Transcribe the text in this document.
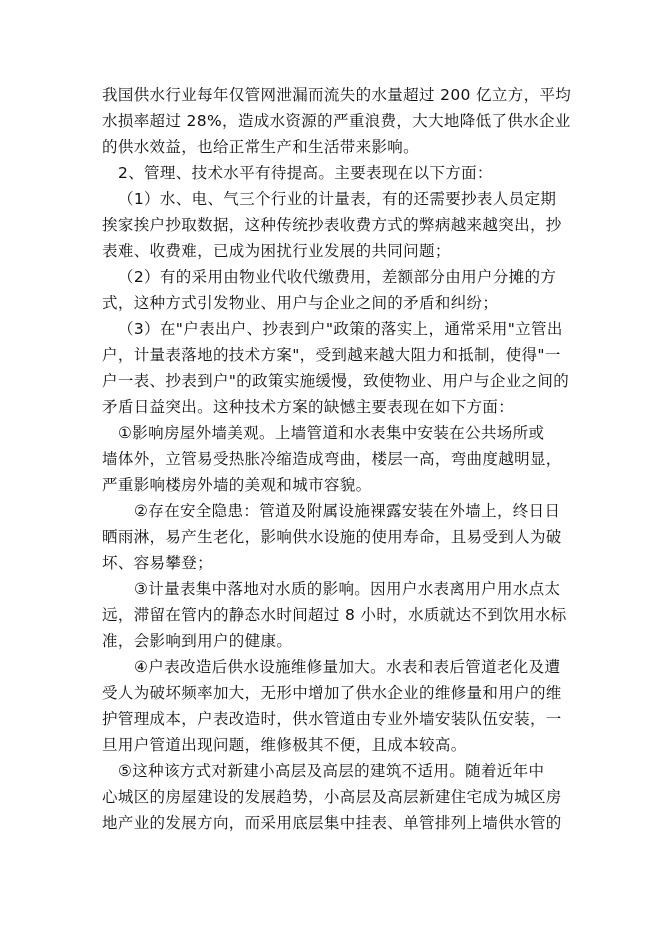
我国供水行业每年仅管网泄漏而流失的水量超过 200 亿立方，平均
水损率超过 28%，造成水资源的严重浪费，大大地降低了供水企业
的供水效益，也给正常生产和生活带来影响。
2、管理、技术水平有待提高。主要表现在以下方面：
（1）水、电、气三个行业的计量表，有的还需要抄表人员定期
挨家挨户抄取数据，这种传统抄表收费方式的弊病越来越突出，抄
表难、收费难，已成为困扰行业发展的共同问题；
（2）有的采用由物业代收代缴费用，差额部分由用户分摊的方
式，这种方式引发物业、用户与企业之间的矛盾和纠纷；
（3）在"户表出户、抄表到户"政策的落实上，通常采用"立管出
户，计量表落地的技术方案"，受到越来越大阻力和抵制，使得"一
户一表、抄表到户"的政策实施缓慢，致使物业、用户与企业之间的
矛盾日益突出。这种技术方案的缺憾主要表现在如下方面：
①影响房屋外墙美观。上墙管道和水表集中安装在公共场所或
墙体外，立管易受热胀冷缩造成弯曲，楼层一高，弯曲度越明显，
严重影响楼房外墙的美观和城市容貌。
②存在安全隐患：管道及附属设施裸露安装在外墙上，终日日
晒雨淋，易产生老化，影响供水设施的使用寿命，且易受到人为破
坏、容易攀登；
③计量表集中落地对水质的影响。因用户水表离用户用水点太
远，滞留在管内的静态水时间超过 8 小时，水质就达不到饮用水标
准，会影响到用户的健康。
④户表改造后供水设施维修量加大。水表和表后管道老化及遭
受人为破坏频率加大，无形中增加了供水企业的维修量和用户的维
护管理成本，户表改造时，供水管道由专业外墙安装队伍安装，一
旦用户管道出现问题，维修极其不便，且成本较高。
⑤这种该方式对新建小高层及高层的建筑不适用。随着近年中
心城区的房屋建设的发展趋势，小高层及高层新建住宅成为城区房
地产业的发展方向，而采用底层集中挂表、单管排列上墙供水管的
